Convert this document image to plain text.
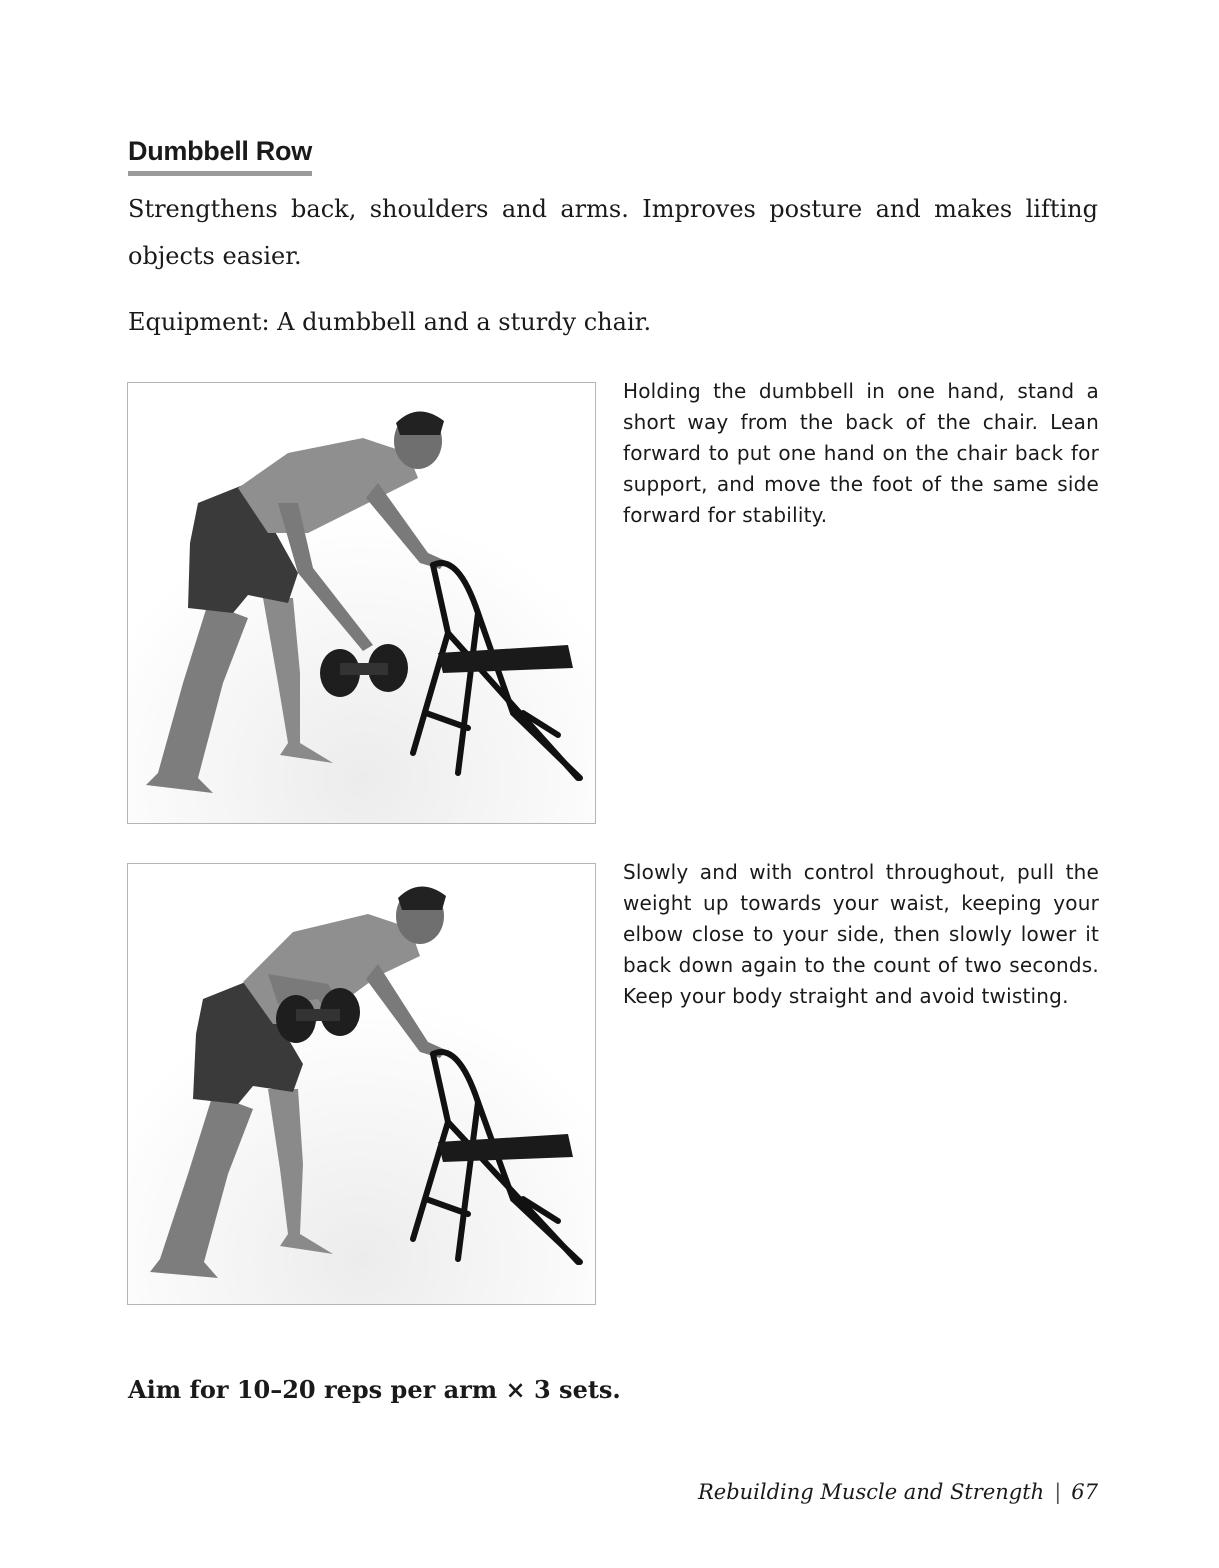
Dumbbell Row

Strengthens back, shoulders and arms. Improves posture and makes lifting objects easier.

Equipment: A dumbbell and a sturdy chair.

Holding the dumbbell in one hand, stand a short way from the back of the chair. Lean forward to put one hand on the chair back for support, and move the foot of the same side forward for stability.

Slowly and with control throughout, pull the weight up towards your waist, keeping your elbow close to your side, then slowly lower it back down again to the count of two seconds. Keep your body straight and avoid twisting.

Aim for 10–20 reps per arm × 3 sets.

Rebuilding Muscle and Strength | 67
